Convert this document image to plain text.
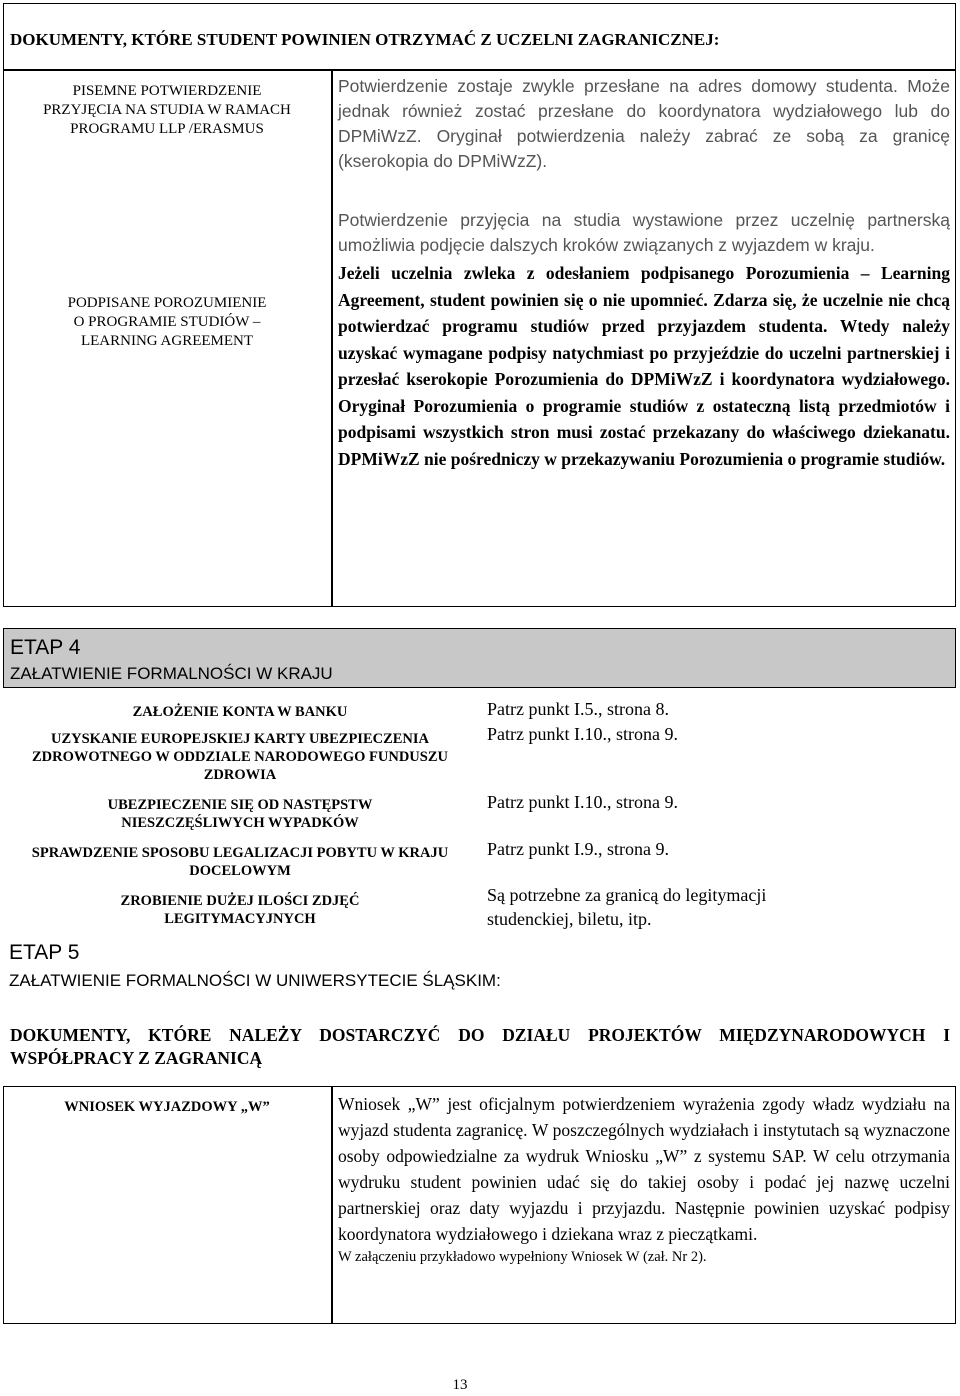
DOKUMENTY, KTÓRE STUDENT POWINIEN OTRZYMAĆ Z UCZELNI ZAGRANICZNEJ:
PISEMNE POTWIERDZENIE
PRZYJĘCIA NA STUDIA W RAMACH
PROGRAMU LLP /ERASMUS
Potwierdzenie zostaje zwykle przesłane na adres domowy studenta. Może jednak również zostać przesłane do koordynatora wydziałowego lub do DPMiWzZ. Oryginał potwierdzenia należy zabrać ze sobą za granicę (kserokopia do DPMiWzZ).
PODPISANE POROZUMIENIE
O PROGRAMIE STUDIÓW –
LEARNING AGREEMENT
Potwierdzenie przyjęcia na studia wystawione przez uczelnię partnerską umożliwia podjęcie dalszych kroków związanych z wyjazdem w kraju.
Jeżeli uczelnia zwleka z odesłaniem podpisanego Porozumienia – Learning Agreement, student powinien się o nie upomnieć. Zdarza się, że uczelnie nie chcą potwierdzać programu studiów przed przyjazdem studenta. Wtedy należy uzyskać wymagane podpisy natychmiast po przyjeździe do uczelni partnerskiej i przesłać kserokopie Porozumienia do DPMiWzZ i koordynatora wydziałowego. Oryginał Porozumienia o programie studiów z ostateczną listą przedmiotów i podpisami wszystkich stron musi zostać przekazany do właściwego dziekanatu. DPMiWzZ nie pośredniczy w przekazywaniu Porozumienia o programie studiów.
ETAP 4
ZAŁATWIENIE FORMALNOŚCI W KRAJU
ZAŁOŻENIE KONTA W BANKU	Patrz punkt I.5., strona 8.
UZYSKANIE EUROPEJSKIEJ KARTY UBEZPIECZENIA ZDROWOTNEGO W ODDZIALE NARODOWEGO FUNDUSZU ZDROWIA
Patrz punkt I.10., strona 9.
UBEZPIECZENIE SIĘ OD NASTĘPSTW NIESZCZĘŚLIWYCH WYPADKÓW
Patrz punkt I.10., strona 9.
SPRAWDZENIE SPOSOBU LEGALIZACJI POBYTU W KRAJU DOCELOWYM
Patrz punkt I.9., strona 9.
ZROBIENIE DUŻEJ ILOŚCI ZDJĘĆ LEGITYMACYJNYCH
Są potrzebne za granicą do legitymacji studenckiej, biletu, itp.
ETAP 5
ZAŁATWIENIE FORMALNOŚCI W UNIWERSYTECIE ŚLĄSKIM:
DOKUMENTY, KTÓRE NALEŻY DOSTARCZYĆ DO DZIAŁU PROJEKTÓW MIĘDZYNARODOWYCH I WSPÓŁPRACY Z ZAGRANICĄ
WNIOSEK WYJAZDOWY „W”	Wniosek „W” jest oficjalnym potwierdzeniem wyrażenia zgody władz wydziału na wyjazd studenta zagranicę. W poszczególnych wydziałach i instytutach są wyznaczone osoby odpowiedzialne za wydruk Wniosku „W” z systemu SAP. W celu otrzymania wydruku student powinien udać się do takiej osoby i podać jej nazwę uczelni partnerskiej oraz daty wyjazdu i przyjazdu. Następnie powinien uzyskać podpisy koordynatora wydziałowego i dziekana wraz z pieczątkami.
W załączeniu przykładowo wypełniony Wniosek W (zał. Nr 2).
13
